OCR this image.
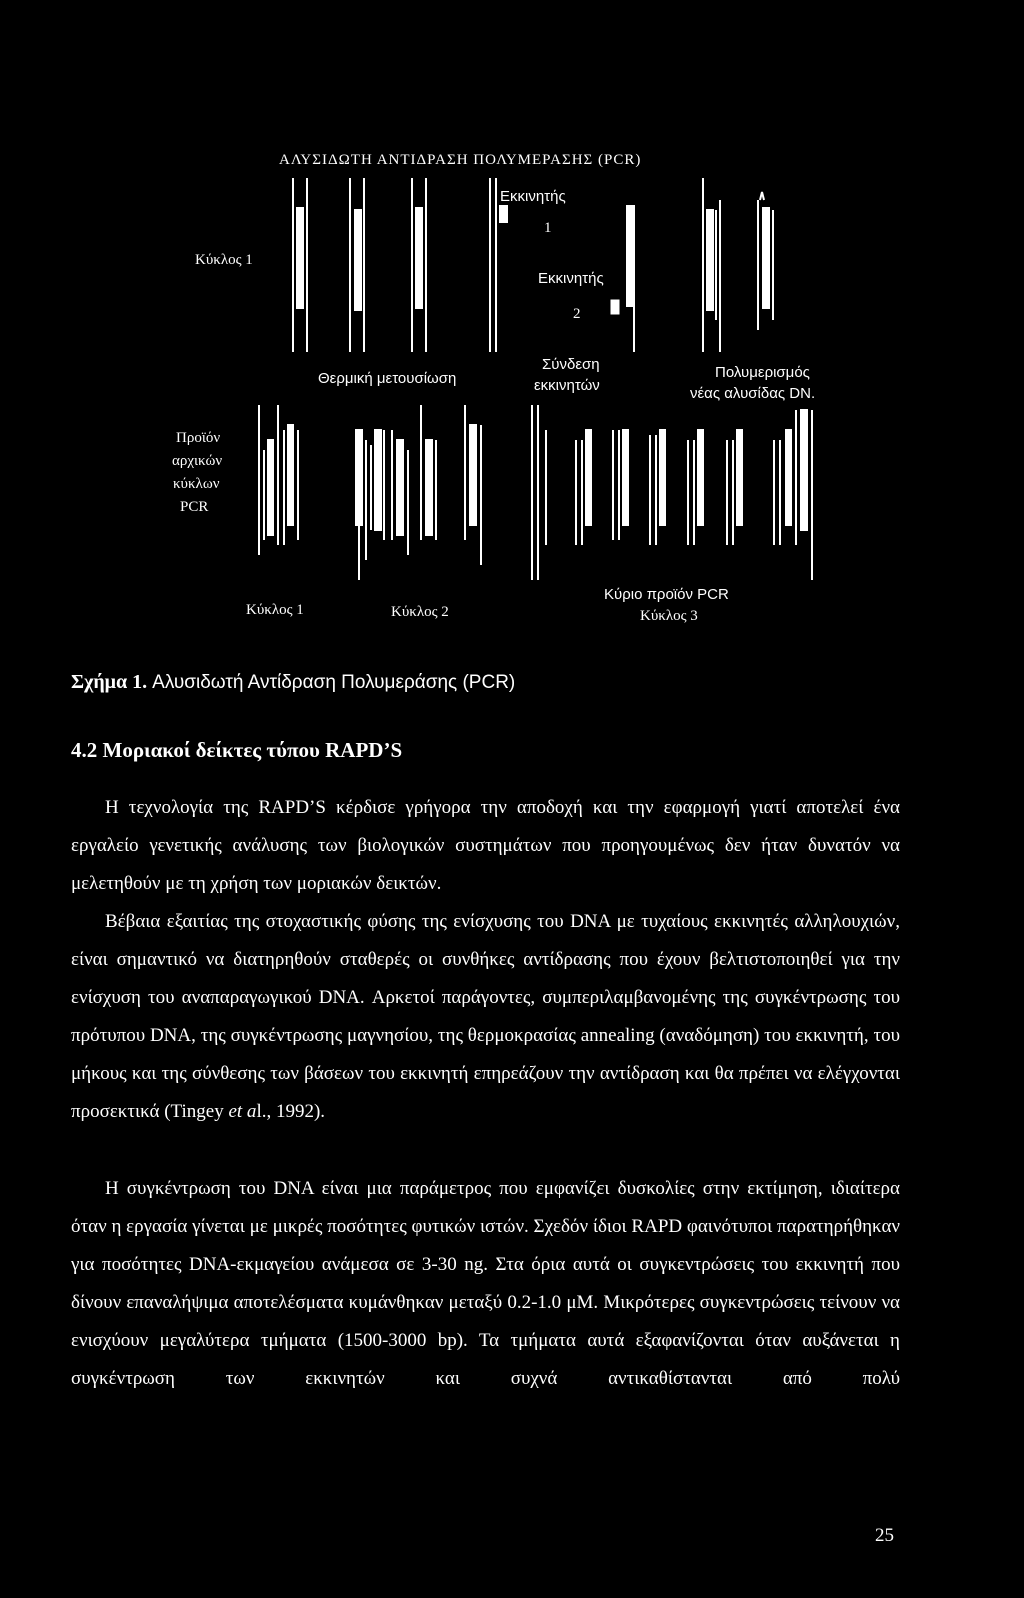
ΑΛΥΣΙΔΩΤΗ ΑΝΤΙΔΡΑΣΗ ΠΟΛΥΜΕΡΑΣΗΣ (PCR)
Κύκλος 1
Εκκινητής
1
Εκκινητής
2
Θερμική μετουσίωση
Σύνδεση
εκκινητών
Πολυμερισμός
νέας αλυσίδας DN.
Προϊόν
αρχικών
κύκλων
PCR
Κύκλος 1	Κύκλος 2
Κύριο προϊόν PCR
Κύκλος 3
Σχήμα 1. Αλυσιδωτή Αντίδραση Πολυμεράσης (PCR)
4.2 Μοριακοί δείκτες τύπου RAPD’S

Η τεχνολογία της RAPD’S κέρδισε γρήγορα την αποδοχή και την εφαρμογή γιατί αποτελεί ένα εργαλείο γενετικής ανάλυσης των βιολογικών συστημάτων που προηγουμένως δεν ήταν δυνατόν να μελετηθούν με τη χρήση των μοριακών δεικτών.

Βέβαια εξαιτίας της στοχαστικής φύσης της ενίσχυσης του DNA με τυχαίους εκκινητές αλληλουχιών, είναι σημαντικό να διατηρηθούν σταθερές οι συνθήκες αντίδρασης που έχουν βελτιστοποιηθεί για την ενίσχυση του αναπαραγωγικού DNA. Αρκετοί παράγοντες, συμπεριλαμβανομένης της συγκέντρωσης του πρότυπου DNA, της συγκέντρωσης μαγνησίου, της θερμοκρασίας annealing (αναδόμηση) του εκκινητή, του μήκους και της σύνθεσης των βάσεων του εκκινητή επηρεάζουν την αντίδραση και θα πρέπει να ελέγχονται προσεκτικά (Tingey et al., 1992).

Η συγκέντρωση του DNA είναι μια παράμετρος που εμφανίζει δυσκολίες στην εκτίμηση, ιδιαίτερα όταν η εργασία γίνεται με μικρές ποσότητες φυτικών ιστών. Σχεδόν ίδιοι RAPD φαινότυποι παρατηρήθηκαν για ποσότητες DNA-εκμαγείου ανάμεσα σε 3-30 ng. Στα όρια αυτά οι συγκεντρώσεις του εκκινητή που δίνουν επαναλήψιμα αποτελέσματα κυμάνθηκαν μεταξύ 0.2-1.0 μM. Μικρότερες συγκεντρώσεις τείνουν να ενισχύουν μεγαλύτερα τμήματα (1500-3000 bp). Τα τμήματα αυτά εξαφανίζονται όταν αυξάνεται η συγκέντρωση των εκκινητών και συχνά αντικαθίστανται από πολύ

25
